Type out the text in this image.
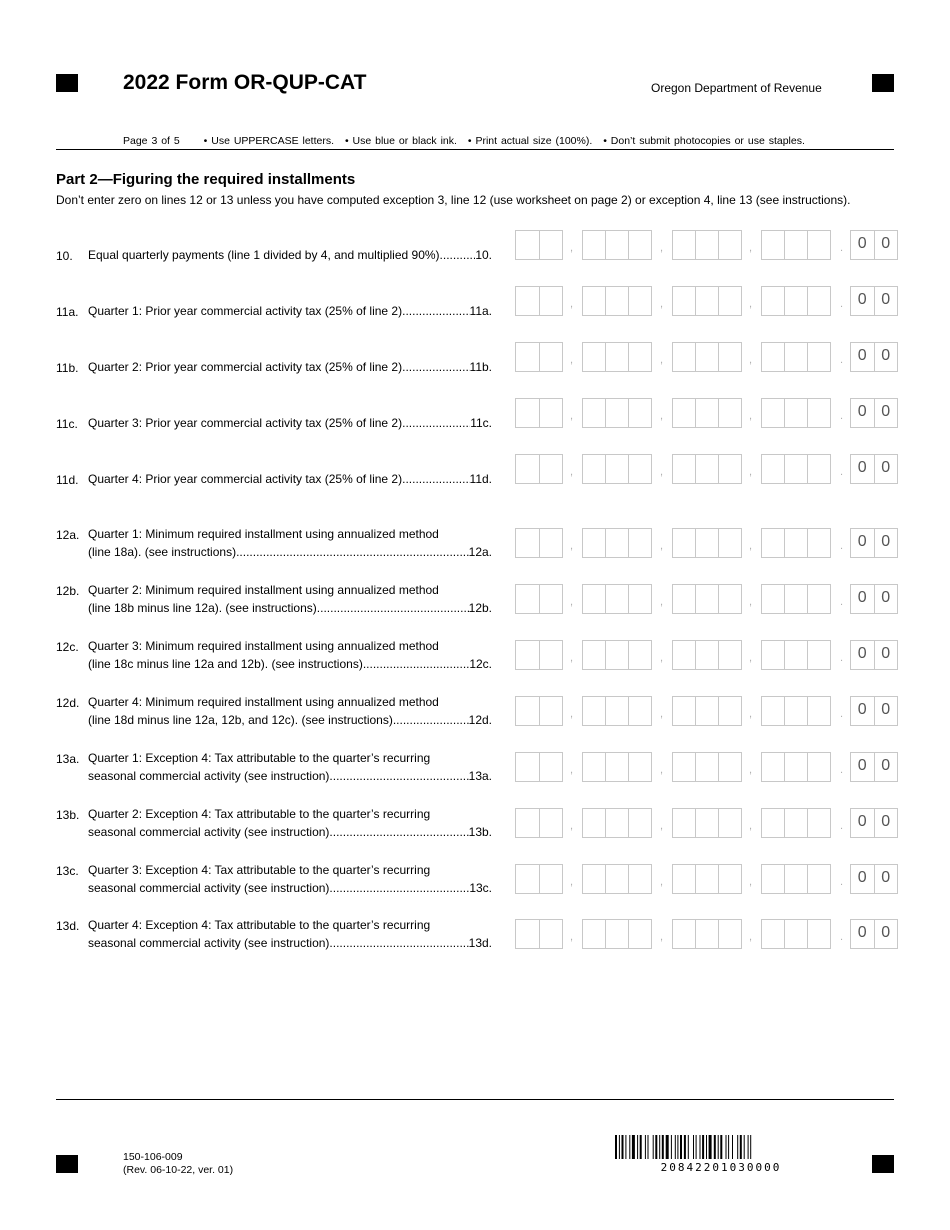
2022 Form OR-QUP-CAT	Oregon Department of Revenue
Page 3 of 5 • Use UPPERCASE letters. • Use blue or black ink. • Print actual size (100%). • Don’t submit photocopies or use staples.
Part 2—Figuring the required installments
Don’t enter zero on lines 12 or 13 unless you have computed exception 3, line 12 (use worksheet on page 2) or exception 4, line 13 (see instructions).
10. Equal quarterly payments (line 1 divided by 4, and multiplied 90%) .....	10.	,	,	,	. 0 0
11a. Quarter 1: Prior year commercial activity tax (25% of line 2) .....	11a.	,	,	,	. 0 0
11b. Quarter 2: Prior year commercial activity tax (25% of line 2) .....	11b.	,	,	,	. 0 0
11c. Quarter 3: Prior year commercial activity tax (25% of line 2) .....	11c.	,	,	,	. 0 0
11d. Quarter 4: Prior year commercial activity tax (25% of line 2) .....	11d.	,	,	,	. 0 0
12a. Quarter 1: Minimum required installment using annualized method
(line 18a). (see instructions) .....	12a.	,	,	,	. 0 0
12b. Quarter 2: Minimum required installment using annualized method
(line 18b minus line 12a). (see instructions) .....	12b.	,	,	,	. 0 0
12c. Quarter 3: Minimum required installment using annualized method
(line 18c minus line 12a and 12b). (see instructions) .....	12c.	,	,	,	. 0 0
12d. Quarter 4: Minimum required installment using annualized method
(line 18d minus line 12a, 12b, and 12c). (see instructions) .....	12d.	,	,	,	. 0 0
13a. Quarter 1: Exception 4: Tax attributable to the quarter’s recurring
seasonal commercial activity (see instruction) .....	13a.	,	,	,	. 0 0
13b. Quarter 2: Exception 4: Tax attributable to the quarter’s recurring
seasonal commercial activity (see instruction) .....	13b.	,	,	,	. 0 0
13c. Quarter 3: Exception 4: Tax attributable to the quarter’s recurring
seasonal commercial activity (see instruction) .....	13c.	,	,	,	. 0 0
13d. Quarter 4: Exception 4: Tax attributable to the quarter’s recurring
seasonal commercial activity (see instruction) .....	13d.	,	,	,	. 0 0
150-106-009
(Rev. 06-10-22, ver. 01)	20842201030000
